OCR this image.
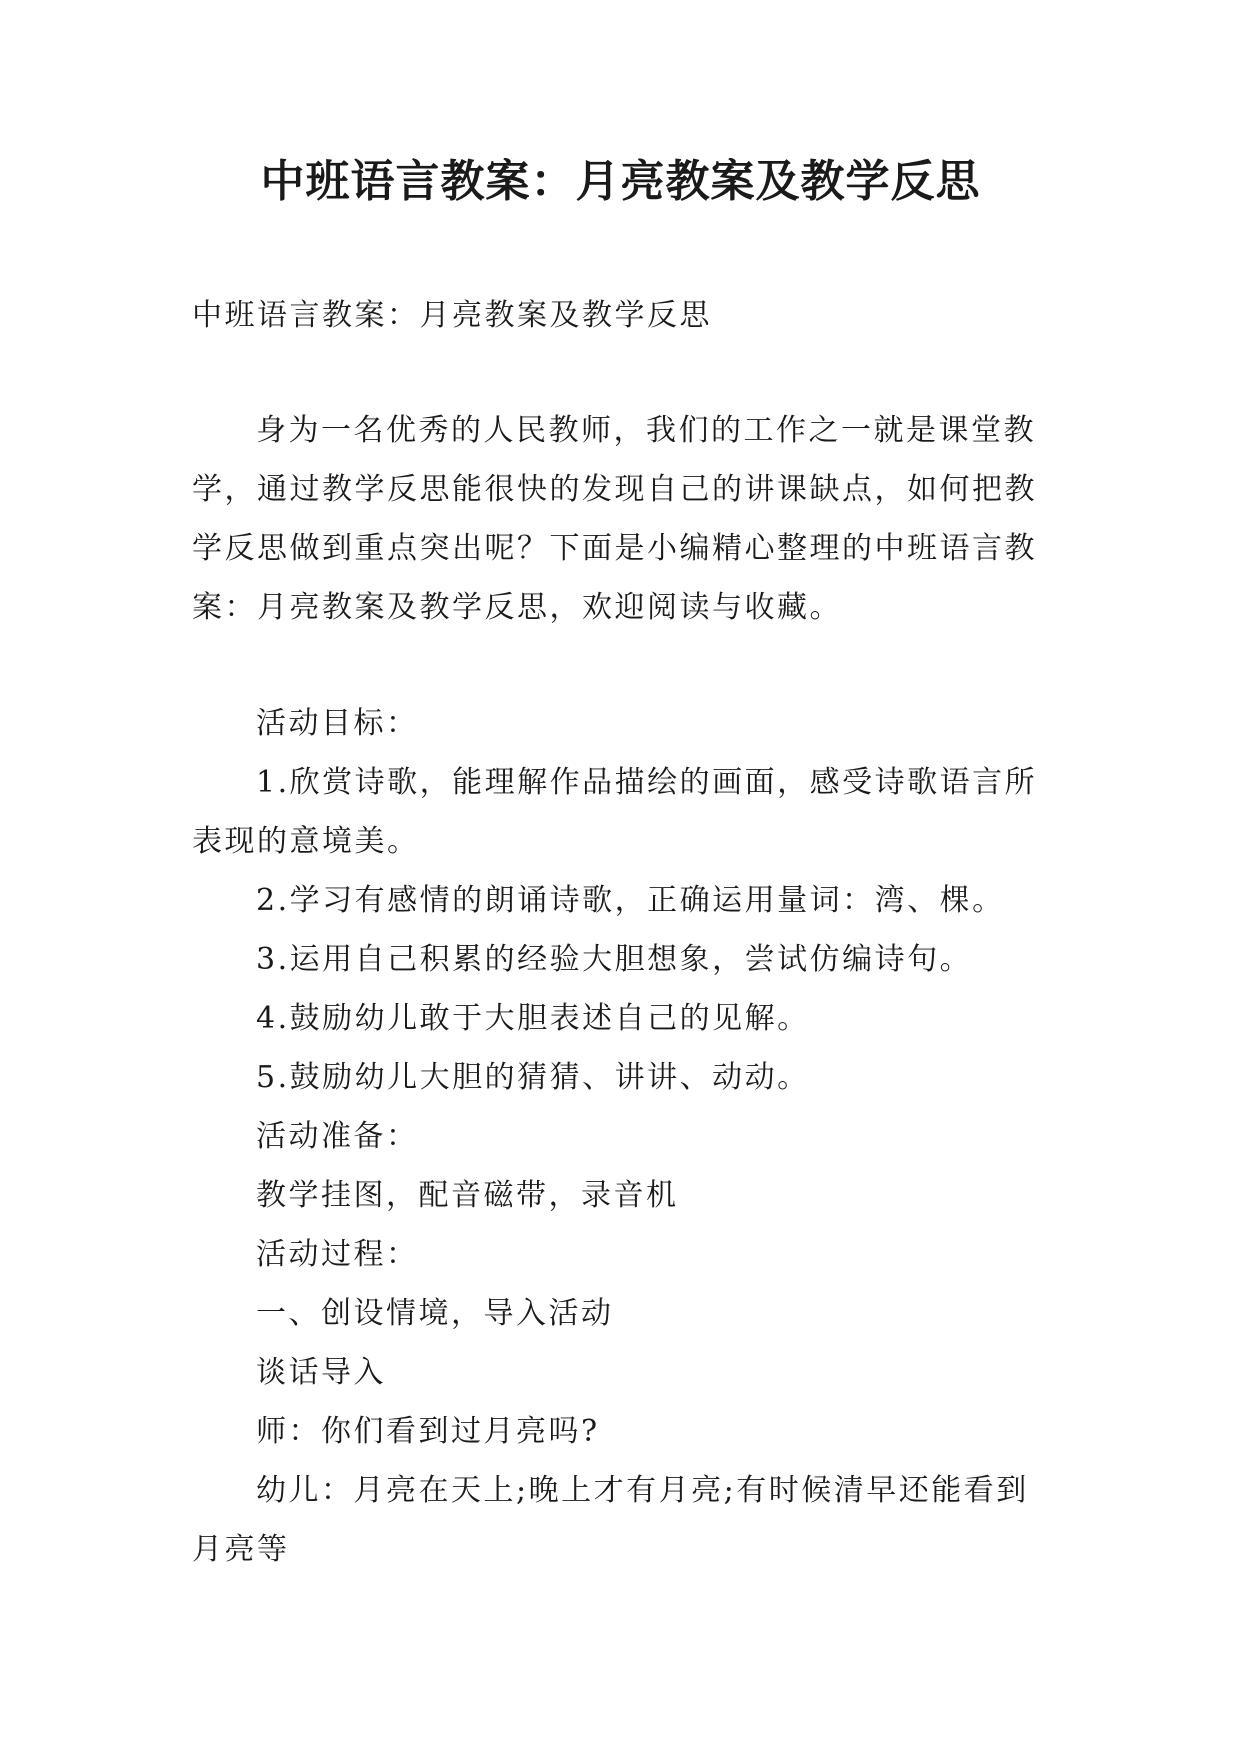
中班语言教案：月亮教案及教学反思
中班语言教案：月亮教案及教学反思

身为一名优秀的人民教师，我们的工作之一就是课堂教学，通过教学反思能很快的发现自己的讲课缺点，如何把教学反思做到重点突出呢？下面是小编精心整理的中班语言教案：月亮教案及教学反思，欢迎阅读与收藏。

活动目标：

1.欣赏诗歌，能理解作品描绘的画面，感受诗歌语言所表现的意境美。

2.学习有感情的朗诵诗歌，正确运用量词：湾、棵。

3.运用自己积累的经验大胆想象，尝试仿编诗句。

4.鼓励幼儿敢于大胆表述自己的见解。

5.鼓励幼儿大胆的猜猜、讲讲、动动。

活动准备：

教学挂图，配音磁带，录音机

活动过程：

一、创设情境，导入活动

谈话导入

师：你们看到过月亮吗?

幼儿：月亮在天上;晚上才有月亮;有时候清早还能看到月亮等
